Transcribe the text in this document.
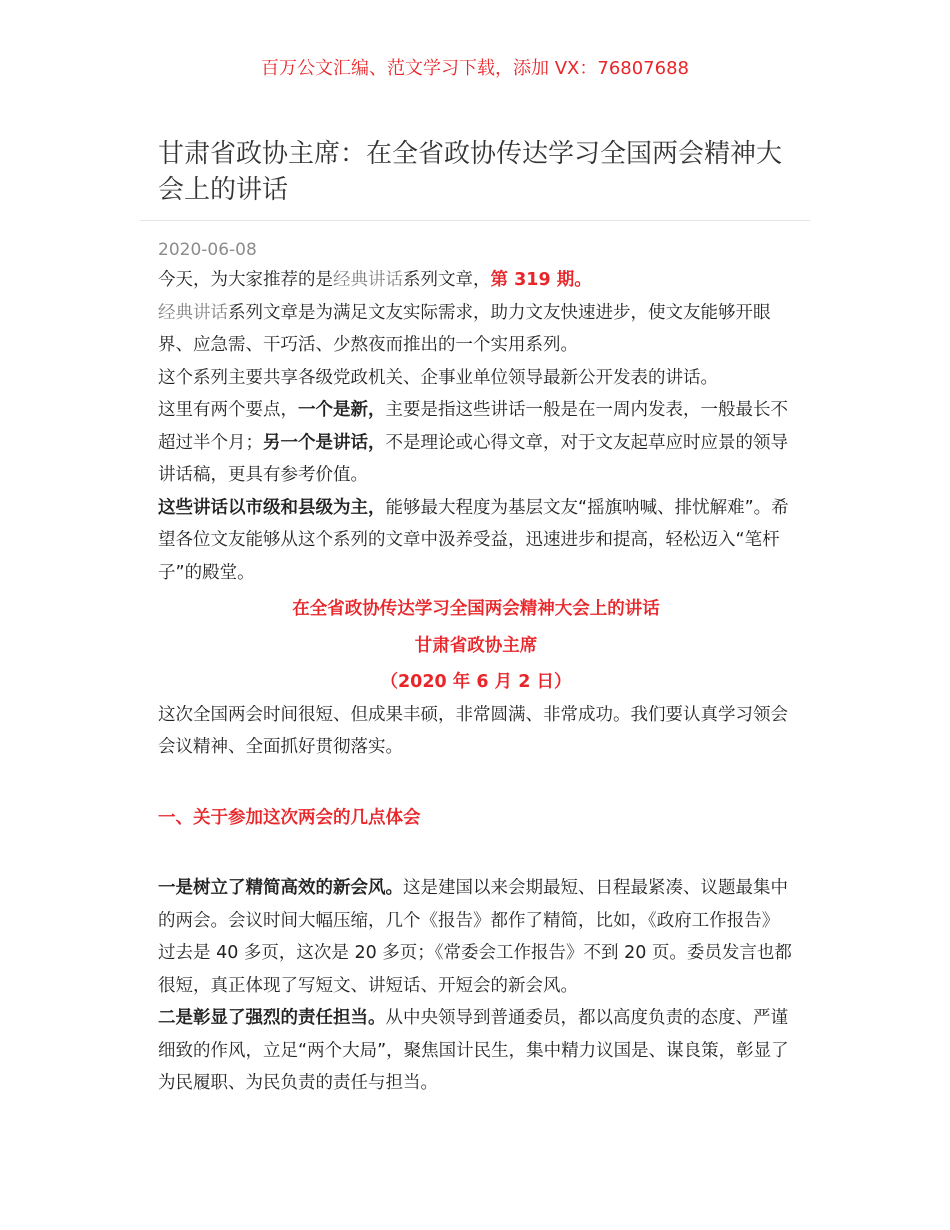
百万公文汇编、范文学习下载，添加 VX：76807688
甘肃省政协主席：在全省政协传达学习全国两会精神大会上的讲话
2020-06-08

今天，为大家推荐的是经典讲话系列文章，第 319 期。

经典讲话系列文章是为满足文友实际需求，助力文友快速进步，使文友能够开眼界、应急需、干巧活、少熬夜而推出的一个实用系列。

这个系列主要共享各级党政机关、企事业单位领导最新公开发表的讲话。

这里有两个要点，一个是新，主要是指这些讲话一般是在一周内发表，一般最长不超过半个月；另一个是讲话，不是理论或心得文章，对于文友起草应时应景的领导讲话稿，更具有参考价值。

这些讲话以市级和县级为主，能够最大程度为基层文友“摇旗呐喊、排忧解难”。希望各位文友能够从这个系列的文章中汲养受益，迅速进步和提高，轻松迈入“笔杆子”的殿堂。

在全省政协传达学习全国两会精神大会上的讲话

甘肃省政协主席

（2020 年 6 月 2 日）

这次全国两会时间很短、但成果丰硕，非常圆满、非常成功。我们要认真学习领会会议精神、全面抓好贯彻落实。

一、关于参加这次两会的几点体会

一是树立了精简高效的新会风。这是建国以来会期最短、日程最紧凑、议题最集中的两会。会议时间大幅压缩，几个《报告》都作了精简，比如，《政府工作报告》过去是 40 多页，这次是 20 多页；《常委会工作报告》不到 20 页。委员发言也都很短，真正体现了写短文、讲短话、开短会的新会风。

二是彰显了强烈的责任担当。从中央领导到普通委员，都以高度负责的态度、严谨细致的作风，立足“两个大局”，聚焦国计民生，集中精力议国是、谋良策，彰显了为民履职、为民负责的责任与担当。
